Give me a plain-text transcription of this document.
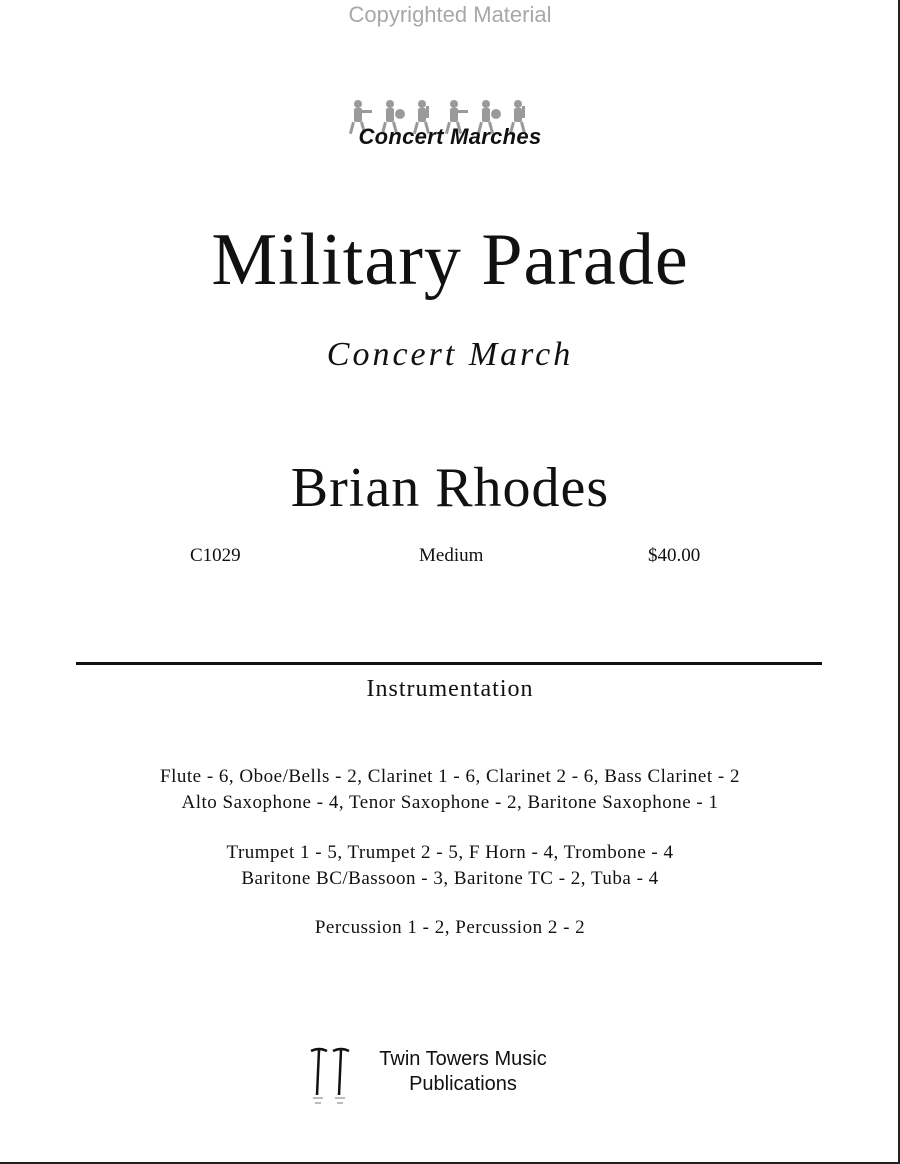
Copyrighted Material
Concert Marches
Military Parade
Concert March
Brian Rhodes
C1029	Medium	$40.00
Instrumentation
Flute - 6, Oboe/Bells - 2, Clarinet 1 - 6, Clarinet 2 - 6, Bass Clarinet - 2
Alto Saxophone - 4, Tenor Saxophone - 2, Baritone Saxophone - 1
Trumpet 1 - 5, Trumpet 2 - 5, F Horn - 4, Trombone - 4
Baritone BC/Bassoon - 3, Baritone TC - 2, Tuba - 4
Percussion 1 - 2, Percussion 2 - 2
Twin Towers Music
Publications
